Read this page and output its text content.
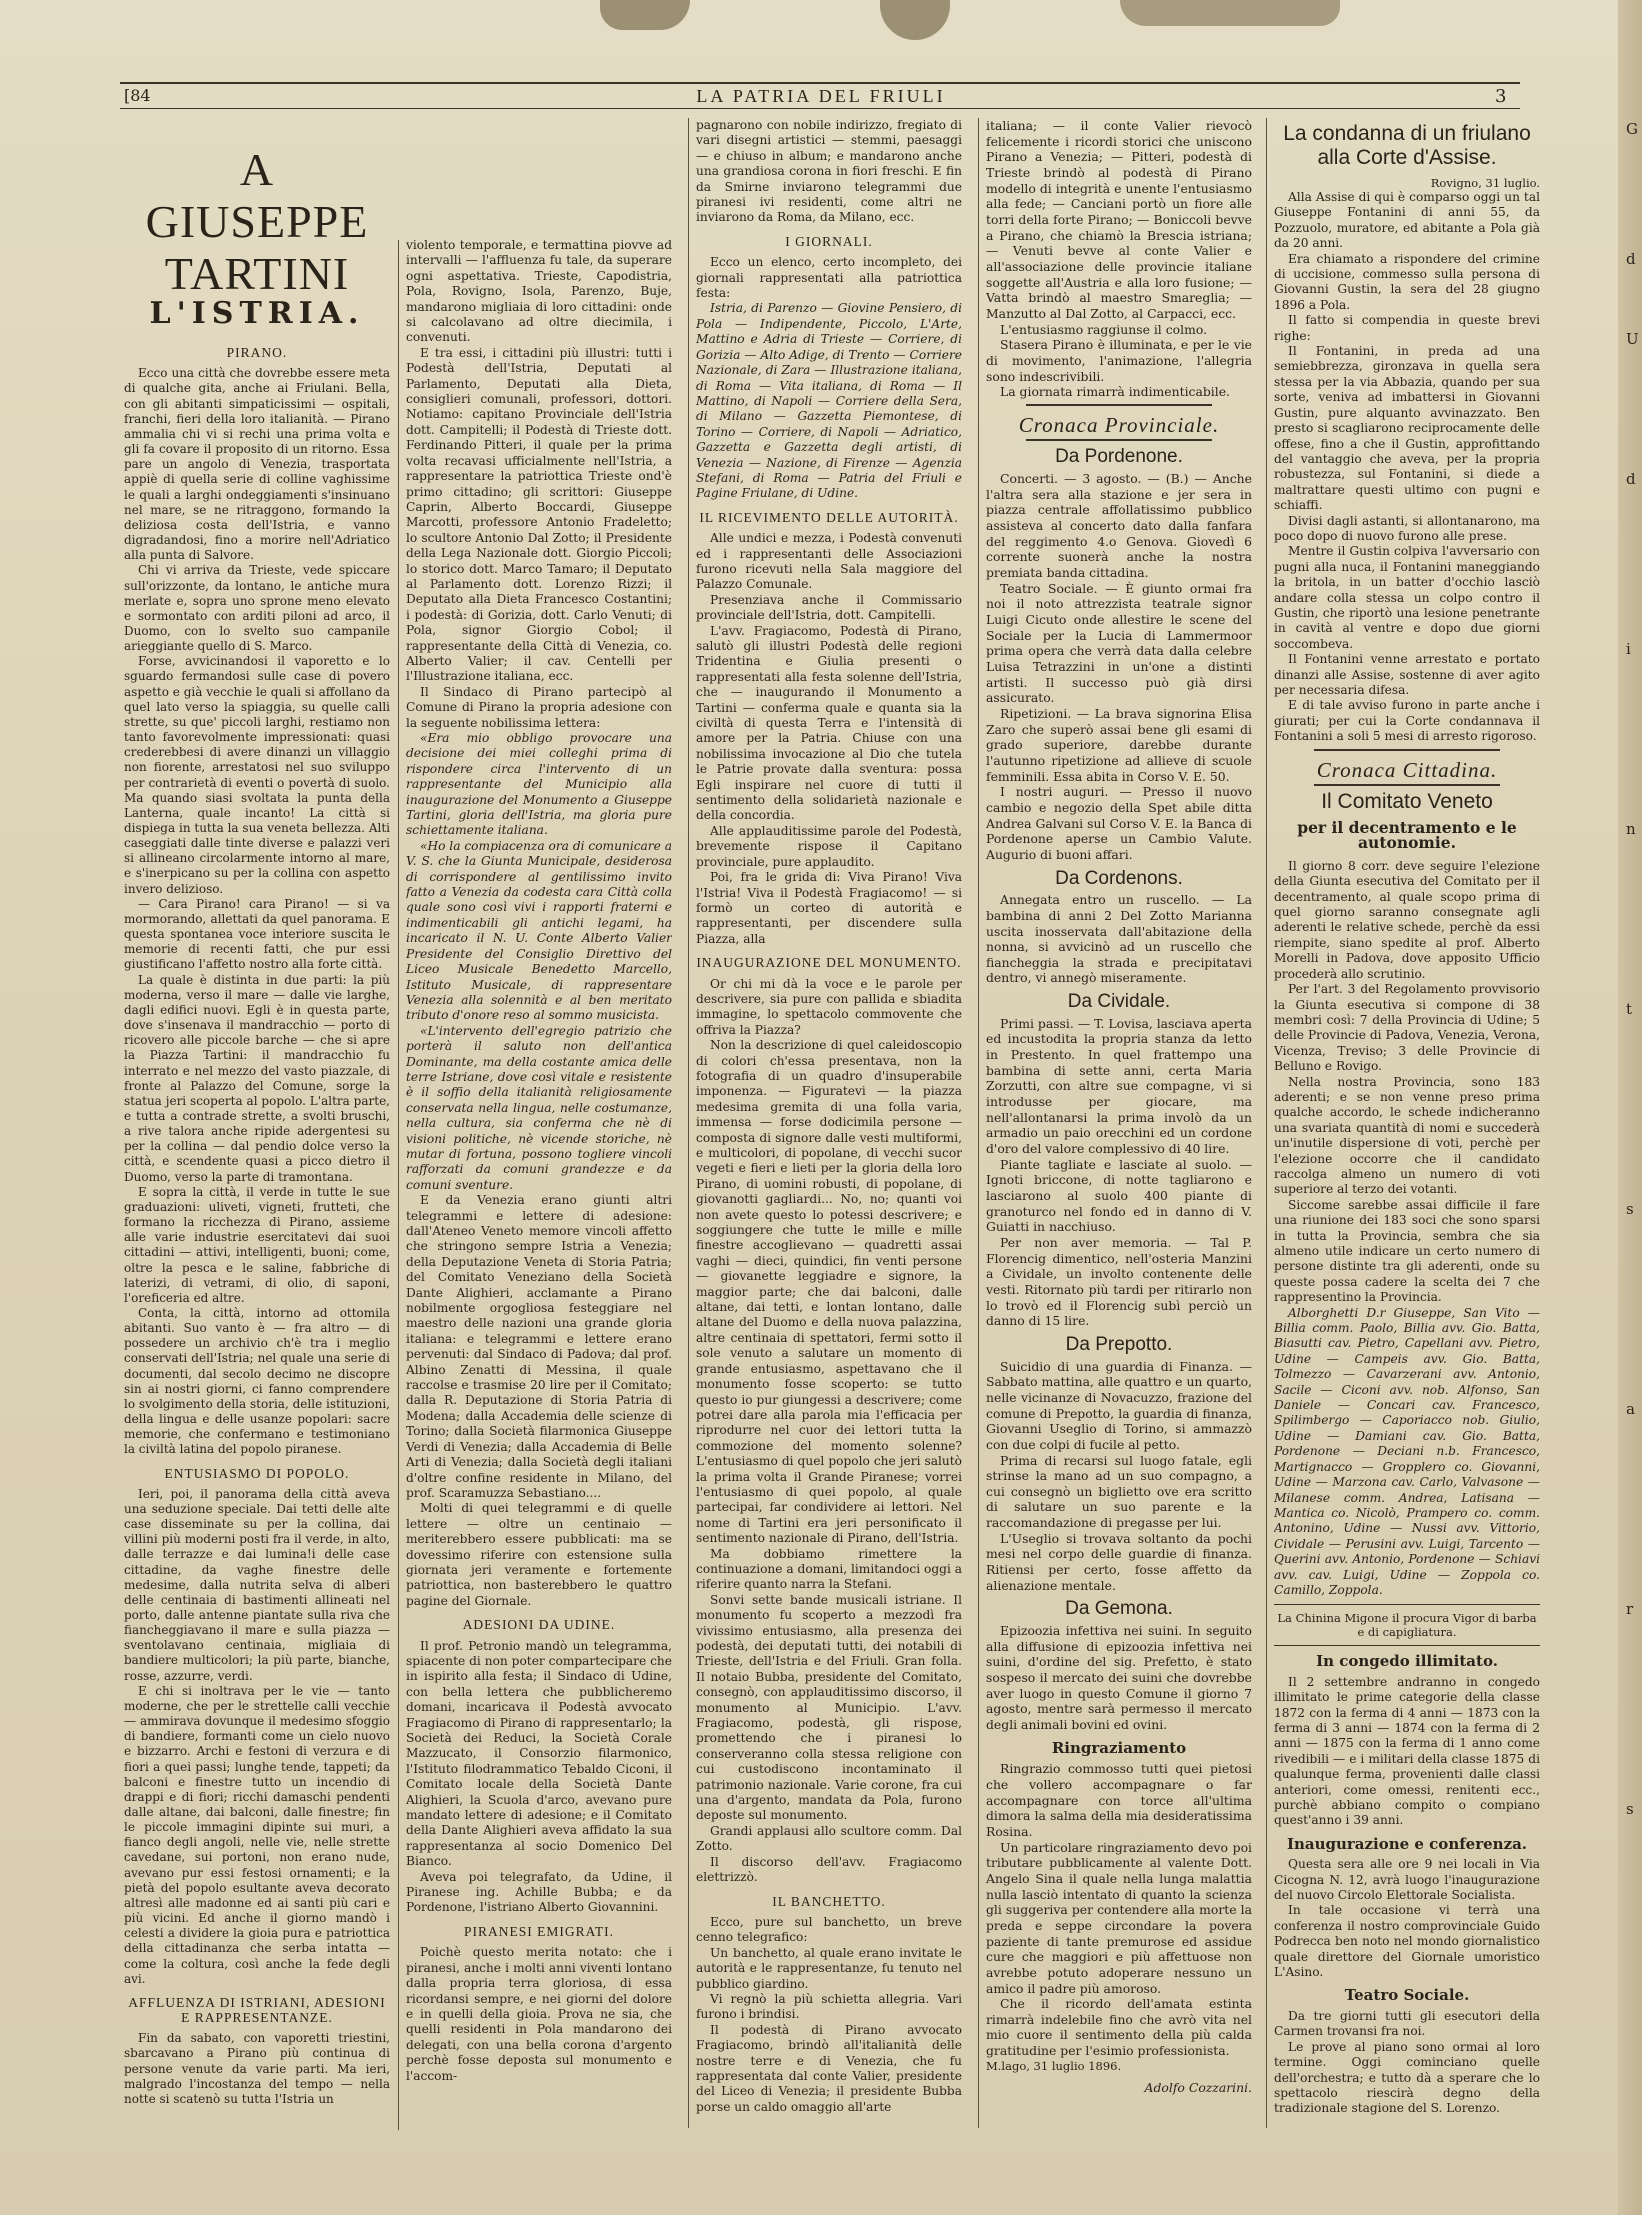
[84	LA PATRIA DEL FRIULI	3
A GIUSEPPE TARTINI
L'ISTRIA.
PIRANO.

Ecco una città che dovrebbe essere meta di qualche gita, anche ai Friulani. Bella, con gli abitanti simpaticissimi — ospitali, franchi, fieri della loro italianità. — Pirano ammalia chi vi si rechi una prima volta e gli fa covare il proposito di un ritorno. Essa pare un angolo di Venezia, trasportata appiè di quella serie di colline vaghissime le quali a larghi ondeggiamenti s'insinuano nel mare, se ne ritraggono, formando la deliziosa costa dell'Istria, e vanno digradandosi, fino a morire nell'Adriatico alla punta di Salvore.

Chi vi arriva da Trieste, vede spiccare sull'orizzonte, da lontano, le antiche mura merlate e, sopra uno sprone meno elevato e sormontato con arditi piloni ad arco, il Duomo, con lo svelto suo campanile arieggiante quello di S. Marco.

Forse, avvicinandosi il vaporetto e lo sguardo fermandosi sulle case di povero aspetto e già vecchie le quali si affollano da quel lato verso la spiaggia, su quelle calli strette, su que' piccoli larghi, restiamo non tanto favorevolmente impressionati: quasi crederebbesi di avere dinanzi un villaggio non fiorente, arrestatosi nel suo sviluppo per contrarietà di eventi o povertà di suolo. Ma quando siasi svoltata la punta della Lanterna, quale incanto! La città si dispiega in tutta la sua veneta bellezza. Alti caseggiati dalle tinte diverse e palazzi veri si allineano circolarmente intorno al mare, e s'inerpicano su per la collina con aspetto invero delizioso.

— Cara Pirano! cara Pirano! — si va mormorando, allettati da quel panorama. E questa spontanea voce interiore suscita le memorie di recenti fatti, che pur essi giustificano l'affetto nostro alla forte città.

La quale è distinta in due parti: la più moderna, verso il mare — dalle vie larghe, dagli edifici nuovi. Egli è in questa parte, dove s'insenava il mandracchio — porto di ricovero alle piccole barche — che si apre la Piazza Tartini: il mandracchio fu interrato e nel mezzo del vasto piazzale, di fronte al Palazzo del Comune, sorge la statua jeri scoperta al popolo. L'altra parte, e tutta a contrade strette, a svolti bruschi, a rive talora anche ripide adergentesi su per la collina — dal pendio dolce verso la città, e scendente quasi a picco dietro il Duomo, verso la parte di tramontana.

E sopra la città, il verde in tutte le sue graduazioni: uliveti, vigneti, frutteti, che formano la ricchezza di Pirano, assieme alle varie industrie esercitatevi dai suoi cittadini — attivi, intelligenti, buoni; come, oltre la pesca e le saline, fabbriche di laterizi, di vetrami, di olio, di saponi, l'oreficeria ed altre.

Conta, la città, intorno ad ottomila abitanti. Suo vanto è — fra altro — di possedere un archivio ch'è tra i meglio conservati dell'Istria; nel quale una serie di documenti, dal secolo decimo ne discopre sin ai nostri giorni, ci fanno comprendere lo svolgimento della storia, delle istituzioni, della lingua e delle usanze popolari: sacre memorie, che confermano e testimoniano la civiltà latina del popolo piranese.

ENTUSIASMO DI POPOLO.

Ieri, poi, il panorama della città aveva una seduzione speciale. Dai tetti delle alte case disseminate su per la collina, dai villini più moderni posti fra il verde, in alto, dalle terrazze e dai lumina!i delle case cittadine, da vaghe finestre delle medesime, dalla nutrita selva di alberi delle centinaia di bastimenti allineati nel porto, dalle antenne piantate sulla riva che fiancheggiavano il mare e sulla piazza — sventolavano centinaia, migliaia di bandiere multicolori; la più parte, bianche, rosse, azzurre, verdi.

E chi si inoltrava per le vie — tanto moderne, che per le strettelle calli vecchie — ammirava dovunque il medesimo sfoggio di bandiere, formanti come un cielo nuovo e bizzarro. Archi e festoni di verzura e di fiori a quei passi; lunghe tende, tappeti; da balconi e finestre tutto un incendio di drappi e di fiori; ricchi damaschi pendenti dalle altane, dai balconi, dalle finestre; fin le piccole immagini dipinte sui muri, a fianco degli angoli, nelle vie, nelle strette cavedane, sui portoni, non erano nude, avevano pur essi festosi ornamenti; e la pietà del popolo esultante aveva decorato altresì alle madonne ed ai santi più cari e più vicini. Ed anche il giorno mandò i celesti a dividere la gioia pura e patriottica della cittadinanza che serba intatta — come la coltura, così anche la fede degli avi.

AFFLUENZA DI ISTRIANI, ADESIONI E RAPPRESENTANZE.

Fin da sabato, con vaporetti triestini, sbarcavano a Pirano più continua di persone venute da varie parti. Ma ieri, malgrado l'incostanza del tempo — nella notte si scatenò su tutta l'Istria un

violento temporale, e termattina piovve ad intervalli — l'affluenza fu tale, da superare ogni aspettativa. Trieste, Capodistria, Pola, Rovigno, Isola, Parenzo, Buje, mandarono migliaia di loro cittadini: onde si calcolavano ad oltre diecimila, i convenuti.

E tra essi, i cittadini più illustri: tutti i Podestà dell'Istria, Deputati al Parlamento, Deputati alla Dieta, consiglieri comunali, professori, dottori. Notiamo: capitano Provinciale dell'Istria dott. Campitelli; il Podestà di Trieste dott. Ferdinando Pitteri, il quale per la prima volta recavasi ufficialmente nell'Istria, a rappresentare la patriottica Trieste ond'è primo cittadino; gli scrittori: Giuseppe Caprin, Alberto Boccardi, Giuseppe Marcotti, professore Antonio Fradeletto; lo scultore Antonio Dal Zotto; il Presidente della Lega Nazionale dott. Giorgio Piccoli; lo storico dott. Marco Tamaro; il Deputato al Parlamento dott. Lorenzo Rizzi; il Deputato alla Dieta Francesco Costantini; i podestà: di Gorizia, dott. Carlo Venuti; di Pola, signor Giorgio Cobol; il rappresentante della Città di Venezia, co. Alberto Valier; il cav. Centelli per l'Illustrazione italiana, ecc.

Il Sindaco di Pirano partecipò al Comune di Pirano la propria adesione con la seguente nobilissima lettera:

«Era mio obbligo provocare una decisione dei miei colleghi prima di rispondere circa l'intervento di un rappresentante del Municipio alla inaugurazione del Monumento a Giuseppe Tartini, gloria dell'Istria, ma gloria pure schiettamente italiana.

«Ho la compiacenza ora di comunicare a V. S. che la Giunta Municipale, desiderosa di corrispondere al gentilissimo invito fatto a Venezia da codesta cara Città colla quale sono così vivi i rapporti fraterni e indimenticabili gli antichi legami, ha incaricato il N. U. Conte Alberto Valier Presidente del Consiglio Direttivo del Liceo Musicale Benedetto Marcello, Istituto Musicale, di rappresentare Venezia alla solennità e al ben meritato tributo d'onore reso al sommo musicista.

«L'intervento dell'egregio patrizio che porterà il saluto non dell'antica Dominante, ma della costante amica delle terre Istriane, dove così vitale e resistente è il soffio della italianità religiosamente conservata nella lingua, nelle costumanze, nella cultura, sia conferma che nè di visioni politiche, nè vicende storiche, nè mutar di fortuna, possono togliere vincoli rafforzati da comuni grandezze e da comuni sventure.

E da Venezia erano giunti altri telegrammi e lettere di adesione: dall'Ateneo Veneto memore vincoli affetto che stringono sempre Istria a Venezia; della Deputazione Veneta di Storia Patria; del Comitato Veneziano della Società Dante Alighieri, acclamante a Pirano nobilmente orgogliosa festeggiare nel maestro delle nazioni una grande gloria italiana: e telegrammi e lettere erano pervenuti: dal Sindaco di Padova; dal prof. Albino Zenatti di Messina, il quale raccolse e trasmise 20 lire per il Comitato; dalla R. Deputazione di Storia Patria di Modena; dalla Accademia delle scienze di Torino; dalla Società filarmonica Giuseppe Verdi di Venezia; dalla Accademia di Belle Arti di Venezia; dalla Società degli italiani d'oltre confine residente in Milano, del prof. Scaramuzza Sebastiano....

Molti di quei telegrammi e di quelle lettere — oltre un centinaio — meriterebbero essere pubblicati: ma se dovessimo riferire con estensione sulla giornata jeri veramente e fortemente patriottica, non basterebbero le quattro pagine del Giornale.

ADESIONI DA UDINE.

Il prof. Petronio mandò un telegramma, spiacente di non poter compartecipare che in ispirito alla festa; il Sindaco di Udine, con bella lettera che pubblicheremo domani, incaricava il Podestà avvocato Fragiacomo di Pirano di rappresentarlo; la Società dei Reduci, la Società Corale Mazzucato, il Consorzio filarmonico, l'Istituto filodrammatico Tebaldo Ciconi, il Comitato locale della Società Dante Alighieri, la Scuola d'arco, avevano pure mandato lettere di adesione; e il Comitato della Dante Alighieri aveva affidato la sua rappresentanza al socio Domenico Del Bianco.

Aveva poi telegrafato, da Udine, il Piranese ing. Achille Bubba; e da Pordenone, l'istriano Alberto Giovannini.

PIRANESI EMIGRATI.

Poichè questo merita notato: che i piranesi, anche i molti anni viventi lontano dalla propria terra gloriosa, di essa ricordansi sempre, e nei giorni del dolore e in quelli della gioia. Prova ne sia, che quelli residenti in Pola mandarono dei delegati, con una bella corona d'argento perchè fosse deposta sul monumento e l'accom-

pagnarono con nobile indirizzo, fregiato di vari disegni artistici — stemmi, paesaggi — e chiuso in album; e mandarono anche una grandiosa corona in fiori freschi. E fin da Smirne inviarono telegrammi due piranesi ivi residenti, come altri ne inviarono da Roma, da Milano, ecc.

I GIORNALI.

Ecco un elenco, certo incompleto, dei giornali rappresentati alla patriottica festa:

Istria, di Parenzo — Giovine Pensiero, di Pola — Indipendente, Piccolo, L'Arte, Mattino e Adria di Trieste — Corriere, di Gorizia — Alto Adige, di Trento — Corriere Nazionale, di Zara — Illustrazione italiana, di Roma — Vita italiana, di Roma — Il Mattino, di Napoli — Corriere della Sera, di Milano — Gazzetta Piemontese, di Torino — Corriere, di Napoli — Adriatico, Gazzetta e Gazzetta degli artisti, di Venezia — Nazione, di Firenze — Agenzia Stefani, di Roma — Patria del Friuli e Pagine Friulane, di Udine.

IL RICEVIMENTO DELLE AUTORITÀ.

Alle undici e mezza, i Podestà convenuti ed i rappresentanti delle Associazioni furono ricevuti nella Sala maggiore del Palazzo Comunale.

Presenziava anche il Commissario provinciale dell'Istria, dott. Campitelli.

L'avv. Fragiacomo, Podestà di Pirano, salutò gli illustri Podestà delle regioni Tridentina e Giulia presenti o rappresentati alla festa solenne dell'Istria, che — inaugurando il Monumento a Tartini — conferma quale e quanta sia la civiltà di questa Terra e l'intensità di amore per la Patria. Chiuse con una nobilissima invocazione al Dio che tutela le Patrie provate dalla sventura: possa Egli inspirare nel cuore di tutti il sentimento della solidarietà nazionale e della concordia.

Alle applauditissime parole del Podestà, brevemente rispose il Capitano provinciale, pure applaudito.

Poi, fra le grida di: Viva Pirano! Viva l'Istria! Viva il Podestà Fragiacomo! — si formò un corteo di autorità e rappresentanti, per discendere sulla Piazza, alla

INAUGURAZIONE DEL MONUMENTO.

Or chi mi dà la voce e le parole per descrivere, sia pure con pallida e sbiadita immagine, lo spettacolo commovente che offriva la Piazza?

Non la descrizione di quel caleidoscopio di colori ch'essa presentava, non la fotografia di un quadro d'insuperabile imponenza. — Figuratevi — la piazza medesima gremita di una folla varia, immensa — forse dodicimila persone — composta di signore dalle vesti multiformi, e multicolori, di popolane, di vecchi sucor vegeti e fieri e lieti per la gloria della loro Pirano, di uomini robusti, di popolane, di giovanotti gagliardi... No, no; quanti voi non avete questo lo potessi descrivere; e soggiungere che tutte le mille e mille finestre accoglievano — quadretti assai vaghi — dieci, quindici, fin venti persone — giovanette leggiadre e signore, la maggior parte; che dai balconi, dalle altane, dai tetti, e lontan lontano, dalle altane del Duomo e della nuova palazzina, altre centinaia di spettatori, fermi sotto il sole venuto a salutare un momento di grande entusiasmo, aspettavano che il monumento fosse scoperto: se tutto questo io pur giungessi a descrivere; come potrei dare alla parola mia l'efficacia per riprodurre nel cuor dei lettori tutta la commozione del momento solenne? L'entusiasmo di quel popolo che jeri salutò la prima volta il Grande Piranese; vorrei l'entusiasmo di quei popolo, al quale partecipai, far condividere ai lettori. Nel nome di Tartini era jeri personificato il sentimento nazionale di Pirano, dell'Istria.

Ma dobbiamo rimettere la continuazione a domani, limitandoci oggi a riferire quanto narra la Stefani.

Sonvi sette bande musicali istriane. Il monumento fu scoperto a mezzodì fra vivissimo entusiasmo, alla presenza dei podestà, dei deputati tutti, dei notabili di Trieste, dell'Istria e del Friuli. Gran folla. Il notaio Bubba, presidente del Comitato, consegnò, con applauditissimo discorso, il monumento al Municipio. L'avv. Fragiacomo, podestà, gli rispose, promettendo che i piranesi lo conserveranno colla stessa religione con cui custodiscono incontaminato il patrimonio nazionale. Varie corone, fra cui una d'argento, mandata da Pola, furono deposte sul monumento.

Grandi applausi allo scultore comm. Dal Zotto.

Il discorso dell'avv. Fragiacomo elettrizzò.

IL BANCHETTO.

Ecco, pure sul banchetto, un breve cenno telegrafico:

Un banchetto, al quale erano invitate le autorità e le rappresentanze, fu tenuto nel pubblico giardino.

Vi regnò la più schietta allegria. Vari furono i brindisi.

Il podestà di Pirano avvocato Fragiacomo, brindò all'italianità delle nostre terre e di Venezia, che fu rappresentata dal conte Valier, presidente del Liceo di Venezia; il presidente Bubba porse un caldo omaggio all'arte

italiana; — il conte Valier rievocò felicemente i ricordi storici che uniscono Pirano a Venezia; — Pitteri, podestà di Trieste brindò al podestà di Pirano modello di integrità e unente l'entusiasmo alla fede; — Canciani portò un fiore alle torri della forte Pirano; — Boniccoli bevve a Pirano, che chiamò la Brescia istriana; — Venuti bevve al conte Valier e all'associazione delle provincie italiane soggette all'Austria e alla loro fusione; — Vatta brindò al maestro Smareglia; — Manzutto al Dal Zotto, al Carpacci, ecc.

L'entusiasmo raggiunse il colmo.

Stasera Pirano è illuminata, e per le vie di movimento, l'animazione, l'allegria sono indescrivibili.

La giornata rimarrà indimenticabile.

Cronaca Provinciale.
Da Pordenone.

Concerti. — 3 agosto. — (B.) — Anche l'altra sera alla stazione e jer sera in piazza centrale affollatissimo pubblico assisteva al concerto dato dalla fanfara del reggimento 4.o Genova. Giovedì 6 corrente suonerà anche la nostra premiata banda cittadina.

Teatro Sociale. — È giunto ormai fra noi il noto attrezzista teatrale signor Luigi Cicuto onde allestire le scene del Sociale per la Lucia di Lammermoor prima opera che verrà data dalla celebre Luisa Tetrazzini in un'one a distinti artisti. Il successo può già dirsi assicurato.

Ripetizioni. — La brava signorina Elisa Zaro che superò assai bene gli esami di grado superiore, darebbe durante l'autunno ripetizione ad allieve di scuole femminili. Essa abita in Corso V. E. 50.

I nostri auguri. — Presso il nuovo cambio e negozio della Spet abile ditta Andrea Galvani sul Corso V. E. la Banca di Pordenone aperse un Cambio Valute. Augurio di buoni affari.

Da Cordenons.

Annegata entro un ruscello. — La bambina di anni 2 Del Zotto Marianna uscita inosservata dall'abitazione della nonna, si avvicinò ad un ruscello che fiancheggia la strada e precipitatavi dentro, vi annegò miseramente.

Da Cividale.

Primi passi. — T. Lovisa, lasciava aperta ed incustodita la propria stanza da letto in Prestento. In quel frattempo una bambina di sette anni, certa Maria Zorzutti, con altre sue compagne, vi si introdusse per giocare, ma nell'allontanarsi la prima involò da un armadio un paio orecchini ed un cordone d'oro del valore complessivo di 40 lire.

Piante tagliate e lasciate al suolo. — Ignoti briccone, di notte tagliarono e lasciarono al suolo 400 piante di granoturco nel fondo ed in danno di V. Guiatti in nacchiuso.

Per non aver memoria. — Tal P. Florencig dimentico, nell'osteria Manzini a Cividale, un involto contenente delle vesti. Ritornato più tardi per ritirarlo non lo trovò ed il Florencig subì perciò un danno di 15 lire.

Da Prepotto.

Suicidio di una guardia di Finanza. — Sabbato mattina, alle quattro e un quarto, nelle vicinanze di Novacuzzo, frazione del comune di Prepotto, la guardia di finanza, Giovanni Useglio di Torino, si ammazzò con due colpi di fucile al petto.

Prima di recarsi sul luogo fatale, egli strinse la mano ad un suo compagno, a cui consegnò un biglietto ove era scritto di salutare un suo parente e la raccomandazione di pregasse per lui.

L'Useglio si trovava soltanto da pochi mesi nel corpo delle guardie di finanza. Ritiensi per certo, fosse affetto da alienazione mentale.

Da Gemona.

Epizoozia infettiva nei suini. In seguito alla diffusione di epizoozia infettiva nei suini, d'ordine del sig. Prefetto, è stato sospeso il mercato dei suini che dovrebbe aver luogo in questo Comune il giorno 7 agosto, mentre sarà permesso il mercato degli animali bovini ed ovini.

Ringraziamento

Ringrazio commosso tutti quei pietosi che vollero accompagnare o far accompagnare con torce all'ultima dimora la salma della mia desideratissima Rosina.

Un particolare ringraziamento devo poi tributare pubblicamente al valente Dott. Angelo Sina il quale nella lunga malattia nulla lasciò intentato di quanto la scienza gli suggeriva per contendere alla morte la preda e seppe circondare la povera paziente di tante premurose ed assidue cure che maggiori e più affettuose non avrebbe potuto adoperare nessuno un amico il padre più amoroso.

Che il ricordo dell'amata estinta rimarrà indelebile fino che avrò vita nel mio cuore il sentimento della più calda gratitudine per l'esimio professionista.

M.lago, 31 luglio 1896.
Adolfo Cozzarini.
La condanna di un friulano alla Corte d'Assise.
Rovigno, 31 luglio.

Alla Assise di qui è comparso oggi un tal Giuseppe Fontanini di anni 55, da Pozzuolo, muratore, ed abitante a Pola già da 20 anni.

Era chiamato a rispondere del crimine di uccisione, commesso sulla persona di Giovanni Gustin, la sera del 28 giugno 1896 a Pola.

Il fatto si compendia in queste brevi righe:

Il Fontanini, in preda ad una semiebbrezza, gironzava in quella sera stessa per la via Abbazia, quando per sua sorte, veniva ad imbattersi in Giovanni Gustin, pure alquanto avvinazzato. Ben presto si scagliarono reciprocamente delle offese, fino a che il Gustin, approfittando del vantaggio che aveva, per la propria robustezza, sul Fontanini, si diede a maltrattare questi ultimo con pugni e schiaffi.

Divisi dagli astanti, si allontanarono, ma poco dopo di nuovo furono alle prese.

Mentre il Gustin colpiva l'avversario con pugni alla nuca, il Fontanini maneggiando la britola, in un batter d'occhio lasciò andare colla stessa un colpo contro il Gustin, che riportò una lesione penetrante in cavità al ventre e dopo due giorni soccombeva.

Il Fontanini venne arrestato e portato dinanzi alle Assise, sostenne di aver agito per necessaria difesa.

E di tale avviso furono in parte anche i giurati; per cui la Corte condannava il Fontanini a soli 5 mesi di arresto rigoroso.

Cronaca Cittadina.
Il Comitato Veneto
per il decentramento e le autonomie.

Il giorno 8 corr. deve seguire l'elezione della Giunta esecutiva del Comitato per il decentramento, al quale scopo prima di quel giorno saranno consegnate agli aderenti le relative schede, perchè da essi riempite, siano spedite al prof. Alberto Morelli in Padova, dove apposito Ufficio procederà allo scrutinio.

Per l'art. 3 del Regolamento provvisorio la Giunta esecutiva si compone di 38 membri così: 7 della Provincia di Udine; 5 delle Provincie di Padova, Venezia, Verona, Vicenza, Treviso; 3 delle Provincie di Belluno e Rovigo.

Nella nostra Provincia, sono 183 aderenti; e se non venne preso prima qualche accordo, le schede indicheranno una svariata quantità di nomi e succederà un'inutile dispersione di voti, perchè per l'elezione occorre che il candidato raccolga almeno un numero di voti superiore al terzo dei votanti.

Siccome sarebbe assai difficile il fare una riunione dei 183 soci che sono sparsi in tutta la Provincia, sembra che sia almeno utile indicare un certo numero di persone distinte tra gli aderenti, onde su queste possa cadere la scelta dei 7 che rappresentino la Provincia.

Alborghetti D.r Giuseppe, San Vito — Billia comm. Paolo, Billia avv. Gio. Batta, Biasutti cav. Pietro, Capellani avv. Pietro, Udine — Campeis avv. Gio. Batta, Tolmezzo — Cavarzerani avv. Antonio, Sacile — Ciconi avv. nob. Alfonso, San Daniele — Concari cav. Francesco, Spilimbergo — Caporiacco nob. Giulio, Udine — Damiani cav. Gio. Batta, Pordenone — Deciani n.b. Francesco, Martignacco — Gropplero co. Giovanni, Udine — Marzona cav. Carlo, Valvasone — Milanese comm. Andrea, Latisana — Mantica co. Nicolò, Prampero co. comm. Antonino, Udine — Nussi avv. Vittorio, Cividale — Perusini avv. Luigi, Tarcento — Querini avv. Antonio, Pordenone — Schiavi avv. cav. Luigi, Udine — Zoppola co. Camillo, Zoppola.

La Chinina Migone il procura Vigor di barba e di capigliatura.
In congedo illimitato.

Il 2 settembre andranno in congedo illimitato le prime categorie della classe 1872 con la ferma di 4 anni — 1873 con la ferma di 3 anni — 1874 con la ferma di 2 anni — 1875 con la ferma di 1 anno come rivedibili — e i militari della classe 1875 di qualunque ferma, provenienti dalle classi anteriori, come omessi, renitenti ecc., purchè abbiano compito o compiano quest'anno i 39 anni.

Inaugurazione e conferenza.

Questa sera alle ore 9 nei locali in Via Cicogna N. 12, avrà luogo l'inaugurazione del nuovo Circolo Elettorale Socialista.

In tale occasione vi terrà una conferenza il nostro comprovinciale Guido Podrecca ben noto nel mondo giornalistico quale direttore del Giornale umoristico L'Asino.

Teatro Sociale.

Da tre giorni tutti gli esecutori della Carmen trovansi fra noi.

Le prove al piano sono ormai al loro termine. Oggi cominciano quelle dell'orchestra; e tutto dà a sperare che lo spettacolo riescirà degno della tradizionale stagione del S. Lorenzo.

G
d
U
d
i
n
t
s
a
r
s
